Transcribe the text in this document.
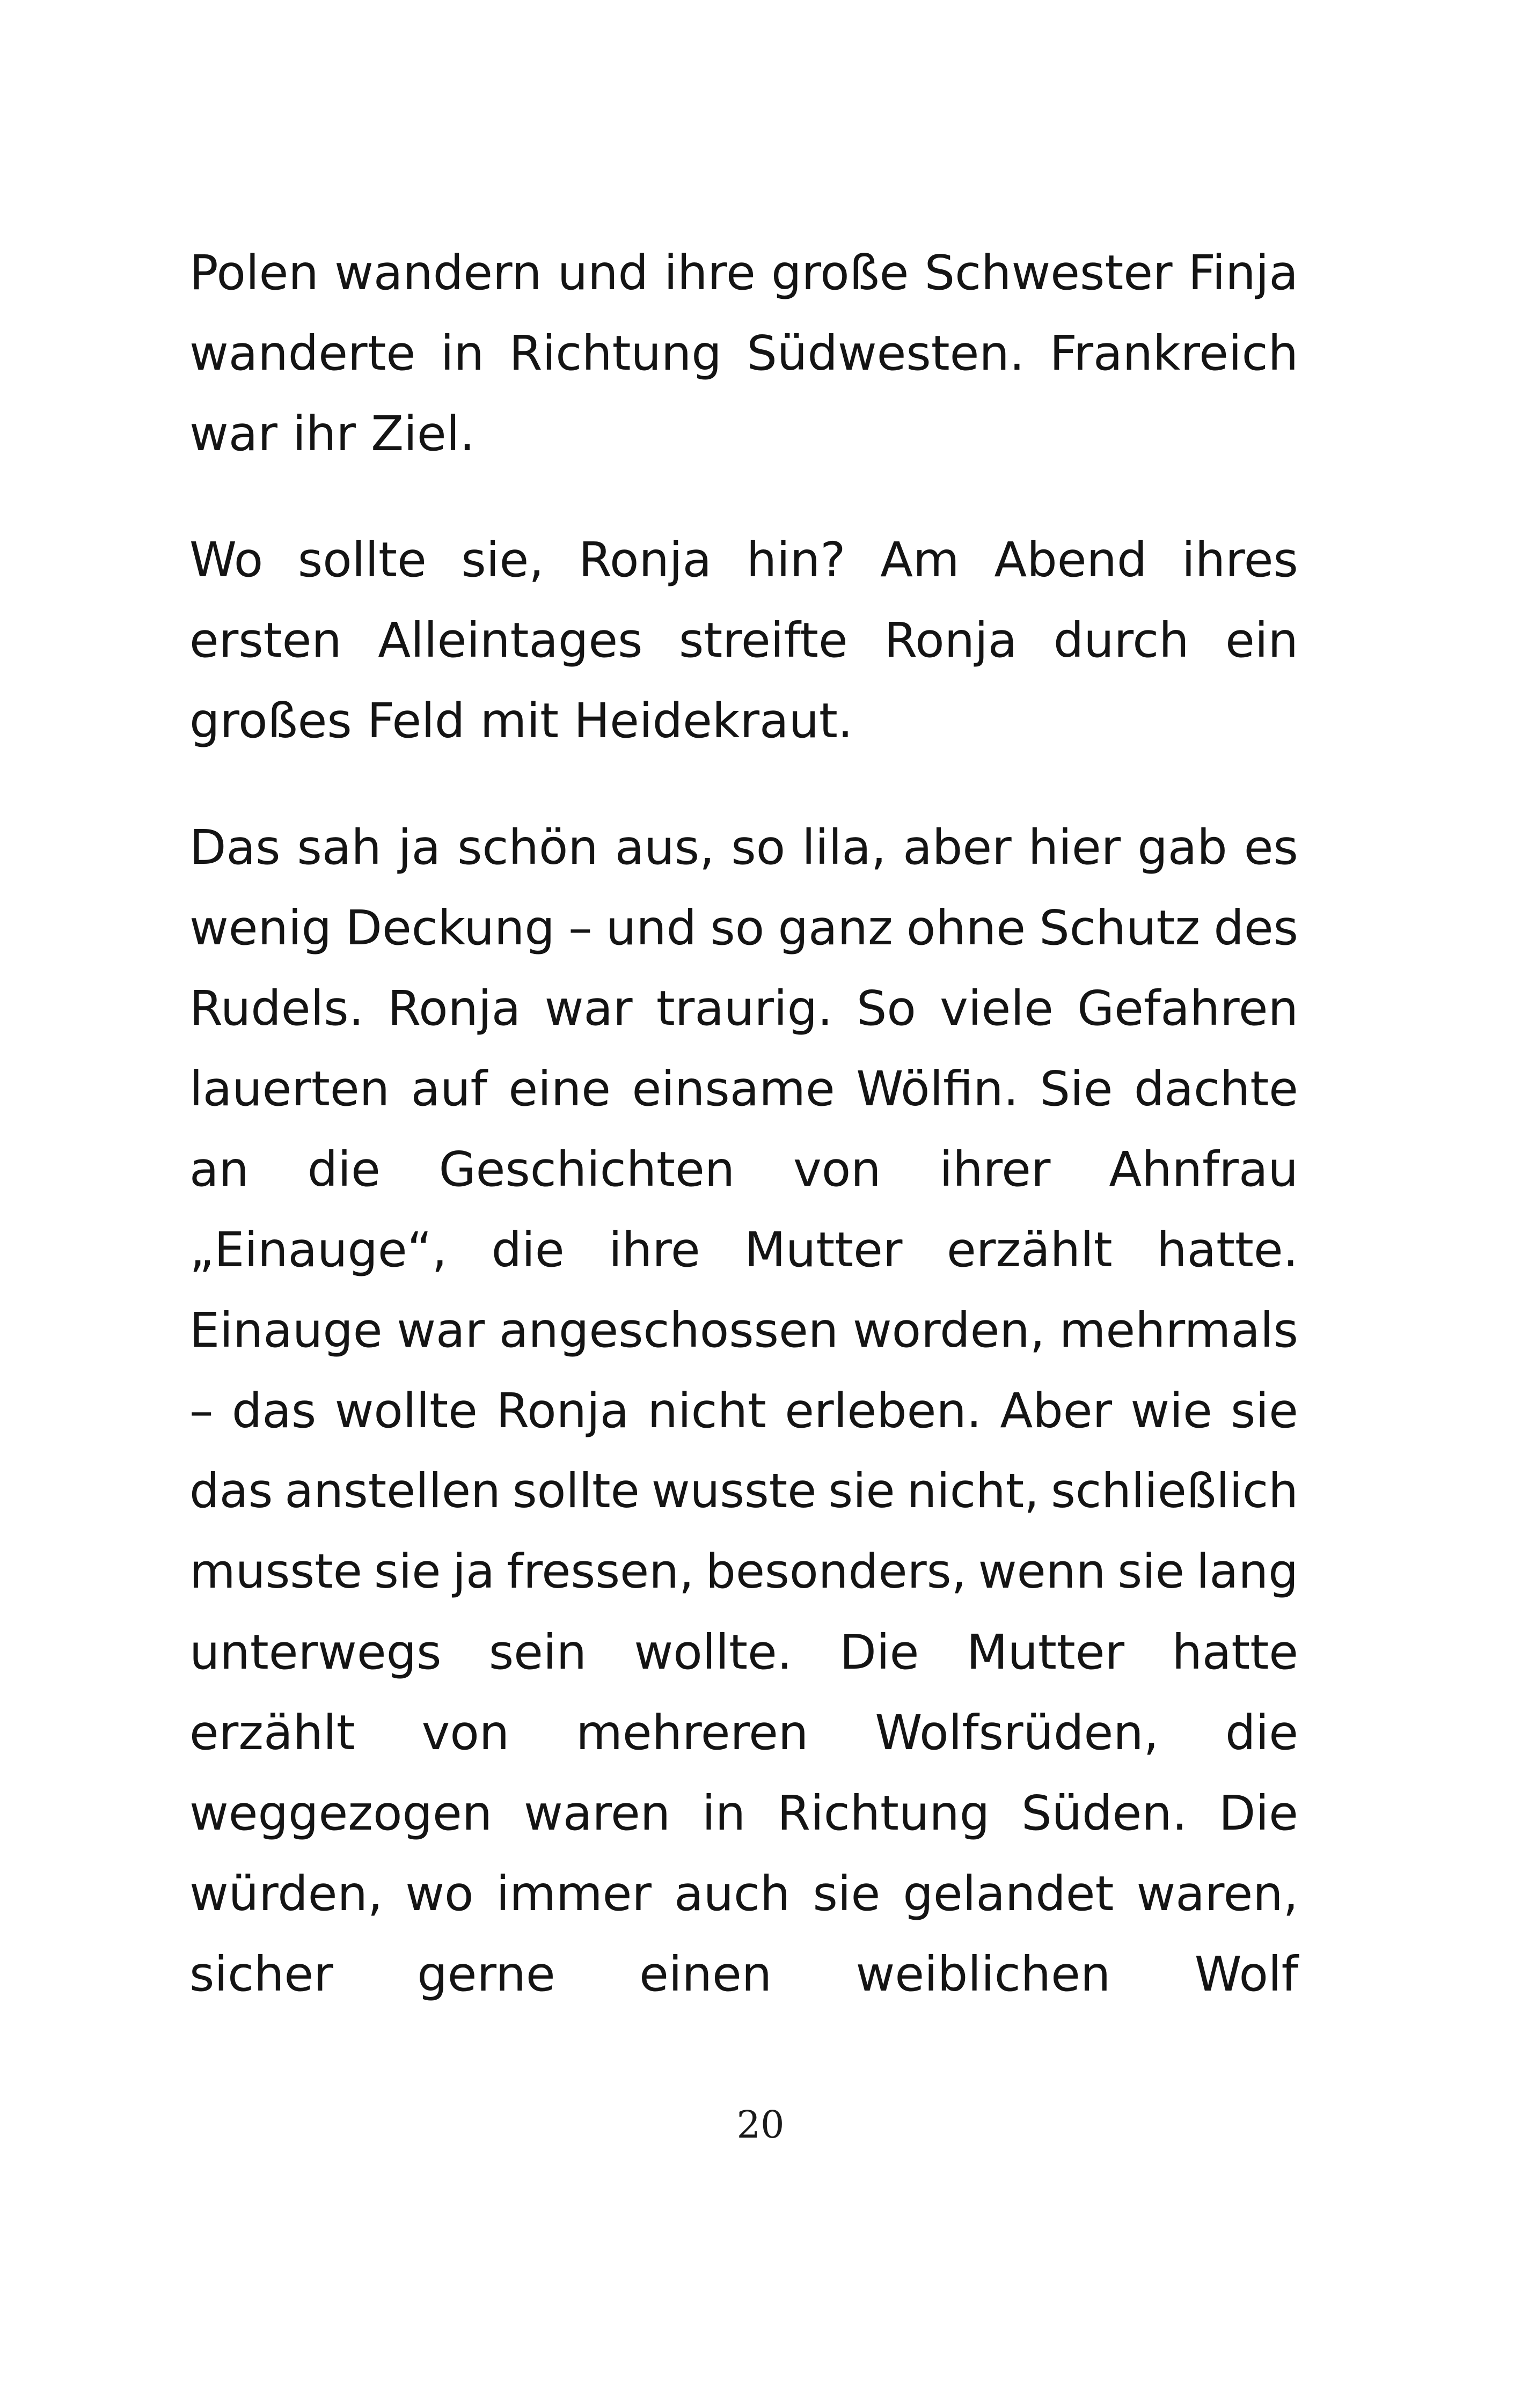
Polen wandern und ihre große Schwester Finja
wanderte in Richtung Südwesten. Frankreich
war ihr Ziel.
Wo sollte sie, Ronja hin? Am Abend ihres
ersten Alleintages streifte Ronja durch ein
großes Feld mit Heidekraut.
Das sah ja schön aus, so lila, aber hier gab es
wenig Deckung – und so ganz ohne Schutz des
Rudels. Ronja war traurig. So viele Gefahren
lauerten auf eine einsame Wölfin. Sie dachte
an die Geschichten von ihrer Ahnfrau
„Einauge“, die ihre Mutter erzählt hatte.
Einauge war angeschossen worden, mehrmals
– das wollte Ronja nicht erleben. Aber wie sie
das anstellen sollte wusste sie nicht, schließlich
musste sie ja fressen, besonders, wenn sie lang
unterwegs sein wollte. Die Mutter hatte
erzählt von mehreren Wolfsrüden, die
weggezogen waren in Richtung Süden. Die
würden, wo immer auch sie gelandet waren,
sicher gerne einen weiblichen Wolf
20
